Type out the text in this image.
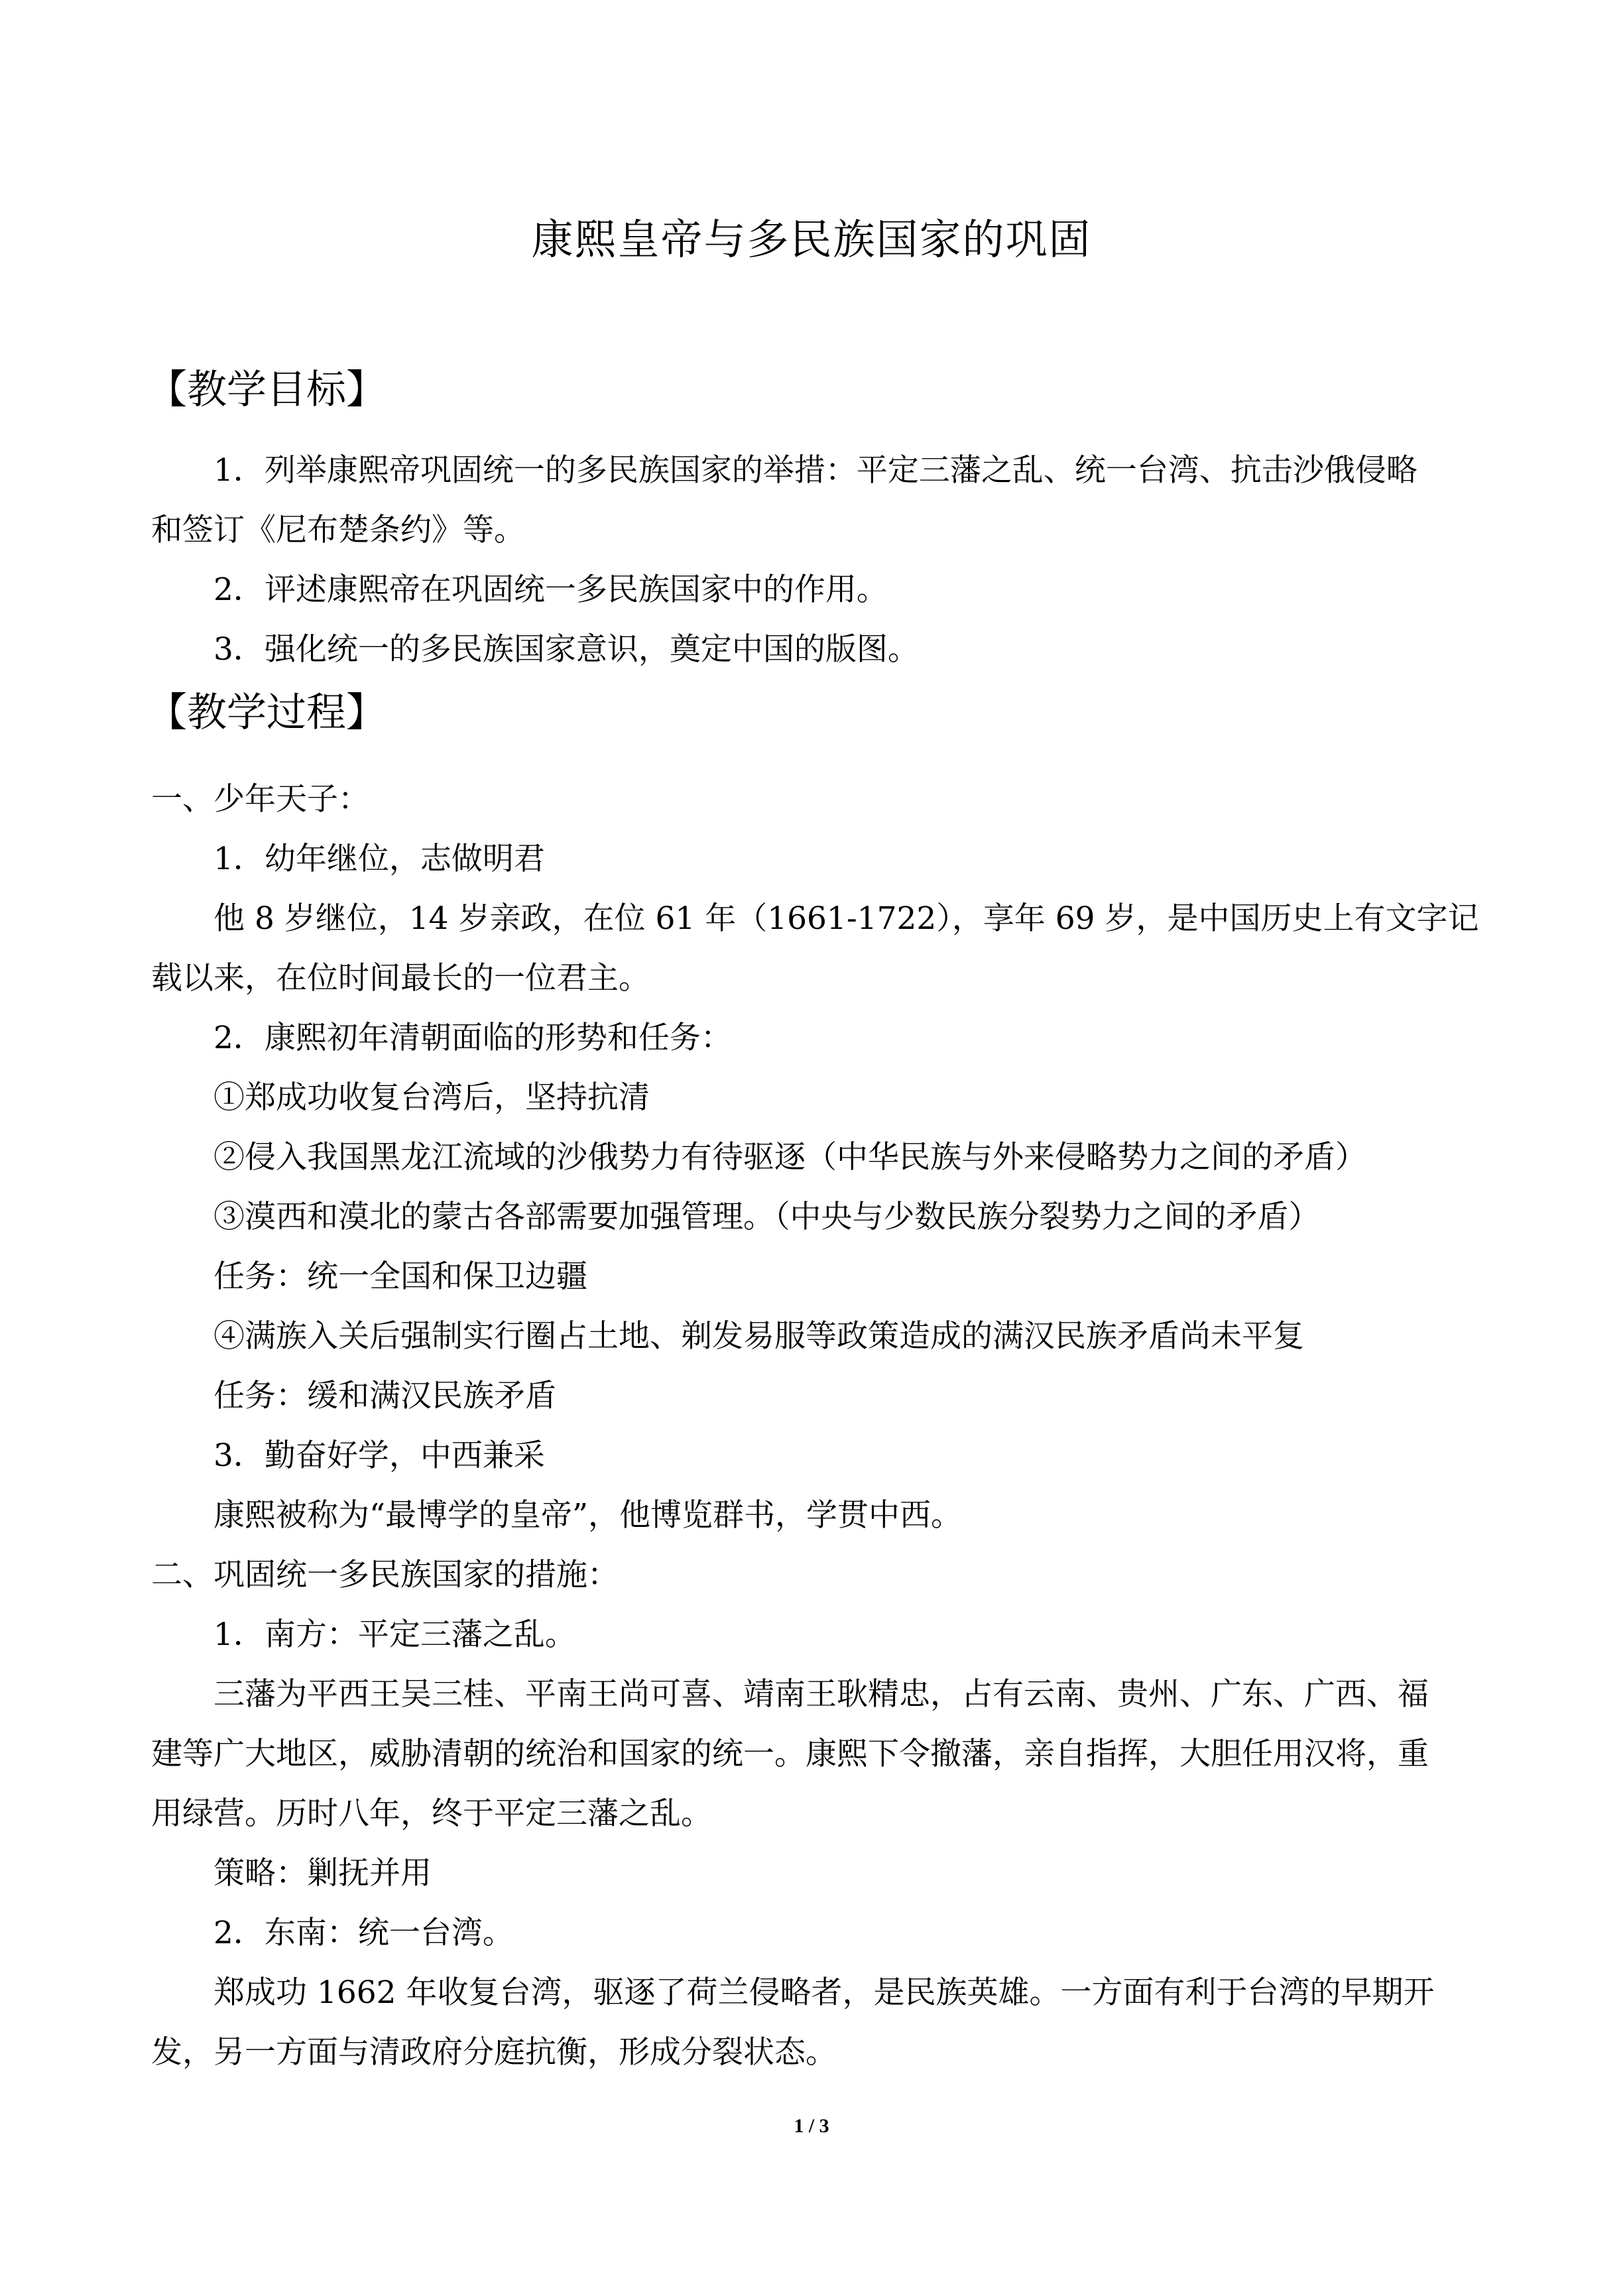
康熙皇帝与多民族国家的巩固
【教学目标】
1．列举康熙帝巩固统一的多民族国家的举措：平定三藩之乱、统一台湾、抗击沙俄侵略
和签订《尼布楚条约》等。
2．评述康熙帝在巩固统一多民族国家中的作用。
3．强化统一的多民族国家意识，奠定中国的版图。
【教学过程】
一、少年天子：
1．幼年继位，志做明君
他 8 岁继位，14 岁亲政，在位 61 年（1661-1722），享年 69 岁，是中国历史上有文字记
载以来，在位时间最长的一位君主。
2．康熙初年清朝面临的形势和任务：
①郑成功收复台湾后，坚持抗清
②侵入我国黑龙江流域的沙俄势力有待驱逐（中华民族与外来侵略势力之间的矛盾）
③漠西和漠北的蒙古各部需要加强管理。（中央与少数民族分裂势力之间的矛盾）
任务：统一全国和保卫边疆
④满族入关后强制实行圈占土地、剃发易服等政策造成的满汉民族矛盾尚未平复
任务：缓和满汉民族矛盾
3．勤奋好学，中西兼采
康熙被称为“最博学的皇帝”，他博览群书，学贯中西。
二、巩固统一多民族国家的措施：
1．南方：平定三藩之乱。
三藩为平西王吴三桂、平南王尚可喜、靖南王耿精忠，占有云南、贵州、广东、广西、福
建等广大地区，威胁清朝的统治和国家的统一。康熙下令撤藩，亲自指挥，大胆任用汉将，重
用绿营。历时八年，终于平定三藩之乱。
策略：剿抚并用
2．东南：统一台湾。
郑成功 1662 年收复台湾，驱逐了荷兰侵略者，是民族英雄。一方面有利于台湾的早期开
发，另一方面与清政府分庭抗衡，形成分裂状态。
1 / 3
